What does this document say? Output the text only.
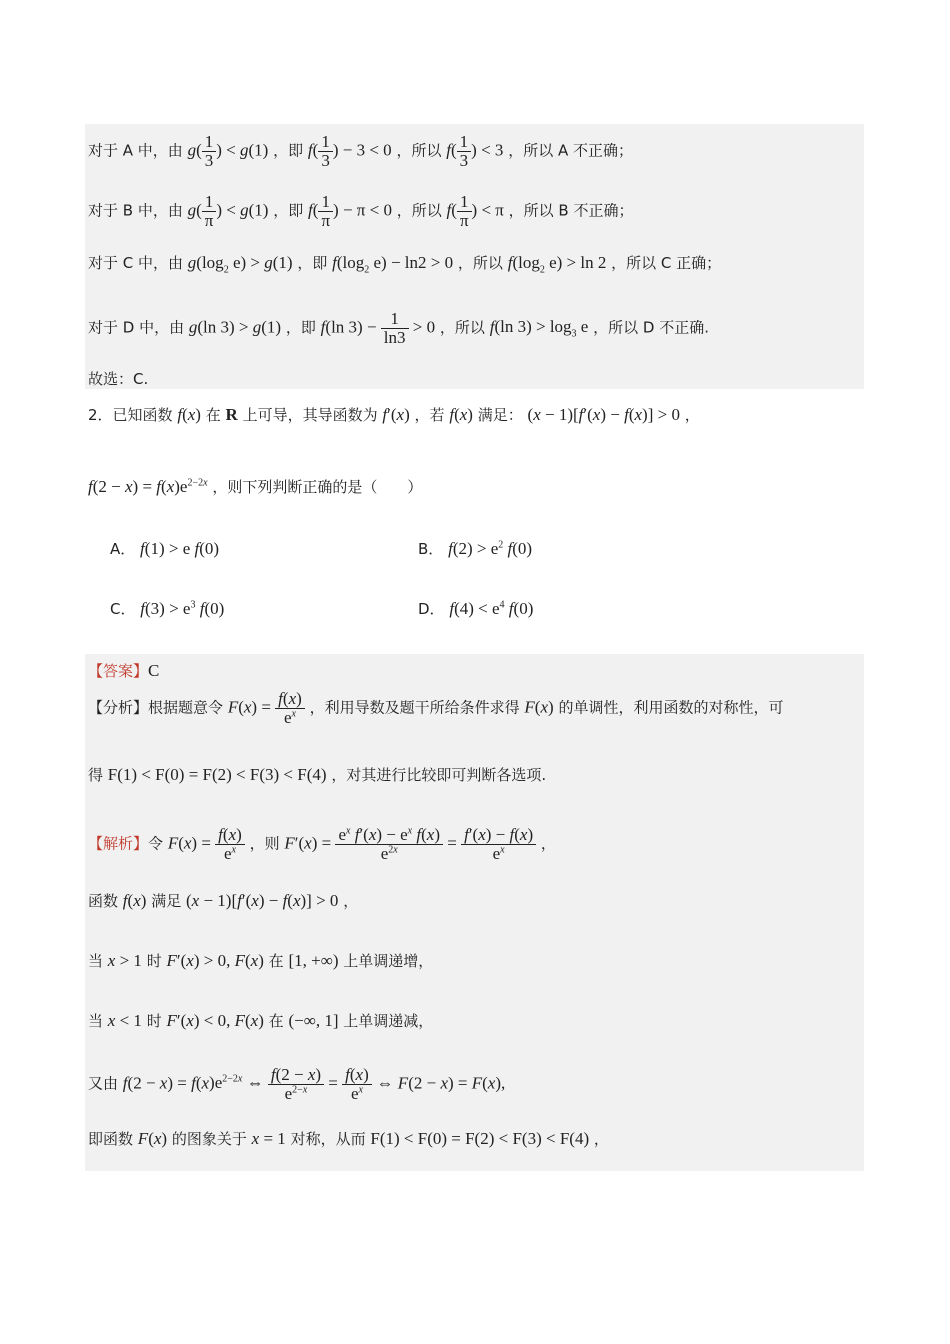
对于 A 中，由 $g( \frac{1}{3}$ ) < g(1) ，即 $f( \frac{1}{3}$ ) − 3 < 0 ，所以 $f( \frac{1}{3}$ ) < 3 ，所以 A 不正确；
对于 B 中，由 $g( \frac{1}{\pi}$ ) < g(1) ，即 $f( \frac{1}{\pi}$ ) − π < 0 ，所以 $f( \frac{1}{\pi}$ ) < π ，所以 B 不正确；
对于 C 中，由 $g(\log_2$ e) > g(1) ，即 $f(\log_2$ e) − ln2 > 0 ，所以 $f(\log_2$ e) > ln 2 ，所以 C 正确；
对于 D 中，由 g(ln 3) > g(1) ，即 f(ln $3) - \frac{1}{\ln 3} > 0$ ，所以 f(ln $3) > \log_3 e$ ，所以 D 不正确.
故选：C.
2．已知函数 f(x) 在 R 上可导，其导函数为 f′(x) ，若 f(x) 满足： (x − 1)[f′(x) − f(x)] > 0 ，
$f(2 - x) = f(x)e^{2-2x}$ ，则下列判断正确的是（　　）
A． f(1) > e f(0)	B． $f(2) > e^2$ f(0)
C． $f(3) > e^3$ f(0)	D． $f(4) < e^4$ f(0)
【答案】C
【分析】根据题意令 $F(x) = \frac{f(x)}{e^x}$ ，利用导数及题干所给条件求得 F(x) 的单调性，利用函数的对称性，可
得 F(1) < F(0) = F(2) < F(3) < F(4) ，对其进行比较即可判断各选项.
【解析】令 $F(x) = \frac{f(x)}{e^x}$ ，则 $F'(x) = \frac{e^x f'(x) - e^x f(x)}{e^{2x}} = \frac{f'(x) - f(x)}{e^x}$ ，
函数 f(x) 满足 (x − 1)[f′(x) − f(x)] > 0 ，
当 x > 1 时 F′(x) > 0, F(x) 在 [1, +∞) 上单调递增，
当 x < 1 时 F′(x) < 0, F(x) 在 (−∞, 1] 上单调递减，
又由 $f(2 - x) = f(x)e^{2-2x}$ ⇔ $\frac{f(2 - x)}{e^{2-x}} = \frac{f(x)}{e^x}$ ⇔ F(2 − x) = F(x),
即函数 F(x) 的图象关于 x = 1 对称，从而 F(1) < F(0) = F(2) < F(3) < F(4) ，
